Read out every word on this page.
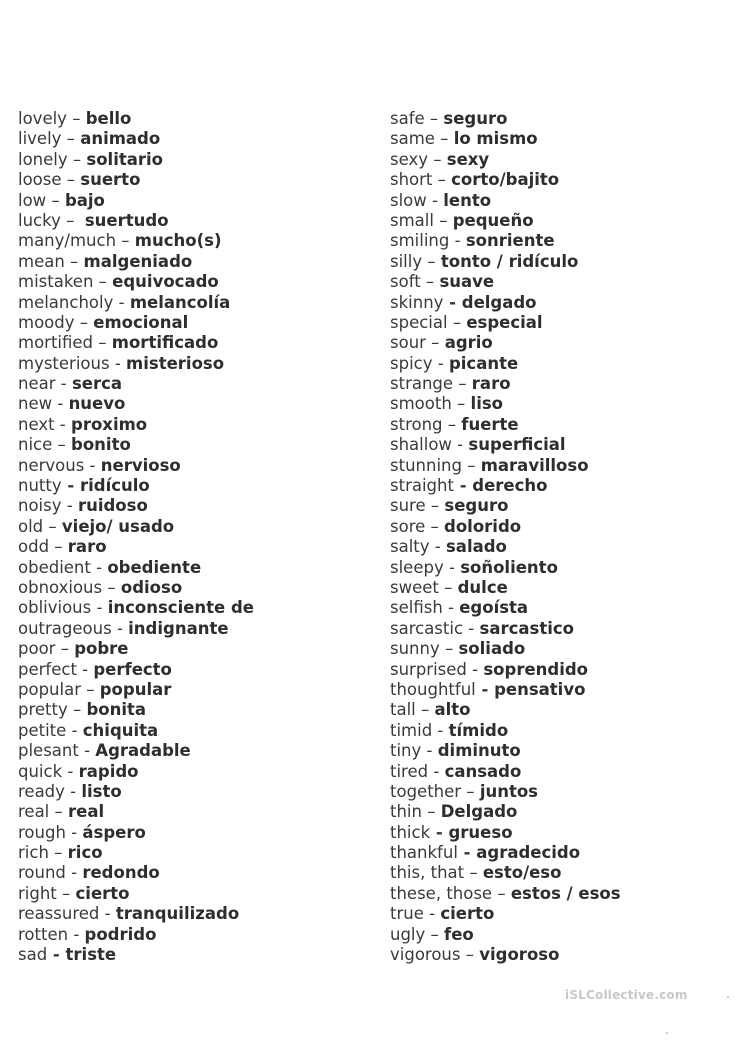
lovely – bello
lively – animado
lonely – solitario
loose – suerto
low – bajo
lucky –  suertudo
many/much – mucho(s)
mean – malgeniado
mistaken – equivocado
melancholy - melancolía
moody – emocional
mortified – mortificado
mysterious - misterioso
near - serca
new - nuevo
next - proximo
nice – bonito
nervous - nervioso
nutty - ridículo
noisy - ruidoso
old – viejo/ usado
odd – raro
obedient - obediente
obnoxious – odioso
oblivious - inconsciente de
outrageous - indignante
poor – pobre
perfect - perfecto
popular – popular
pretty – bonita
petite - chiquita
plesant - Agradable
quick - rapido
ready - listo
real – real
rough - áspero
rich – rico
round - redondo
right – cierto
reassured - tranquilizado
rotten - podrido
sad - triste
safe – seguro
same – lo mismo
sexy – sexy
short – corto/bajito
slow - lento
small – pequeño
smiling - sonriente
silly – tonto / ridículo
soft – suave
skinny - delgado
special – especial
sour – agrio
spicy - picante
strange – raro
smooth – liso
strong – fuerte
shallow - superficial
stunning – maravilloso
straight - derecho
sure – seguro
sore – dolorido
salty - salado
sleepy - soñoliento
sweet – dulce
selfish - egoísta
sarcastic - sarcastico
sunny – soliado
surprised - soprendido
thoughtful - pensativo
tall – alto
timid - tímido
tiny - diminuto
tired - cansado
together – juntos
thin – Delgado
thick - grueso
thankful - agradecido
this, that – esto/eso
these, those – estos / esos
true - cierto
ugly – feo
vigorous – vigoroso
iSLCollective.com
